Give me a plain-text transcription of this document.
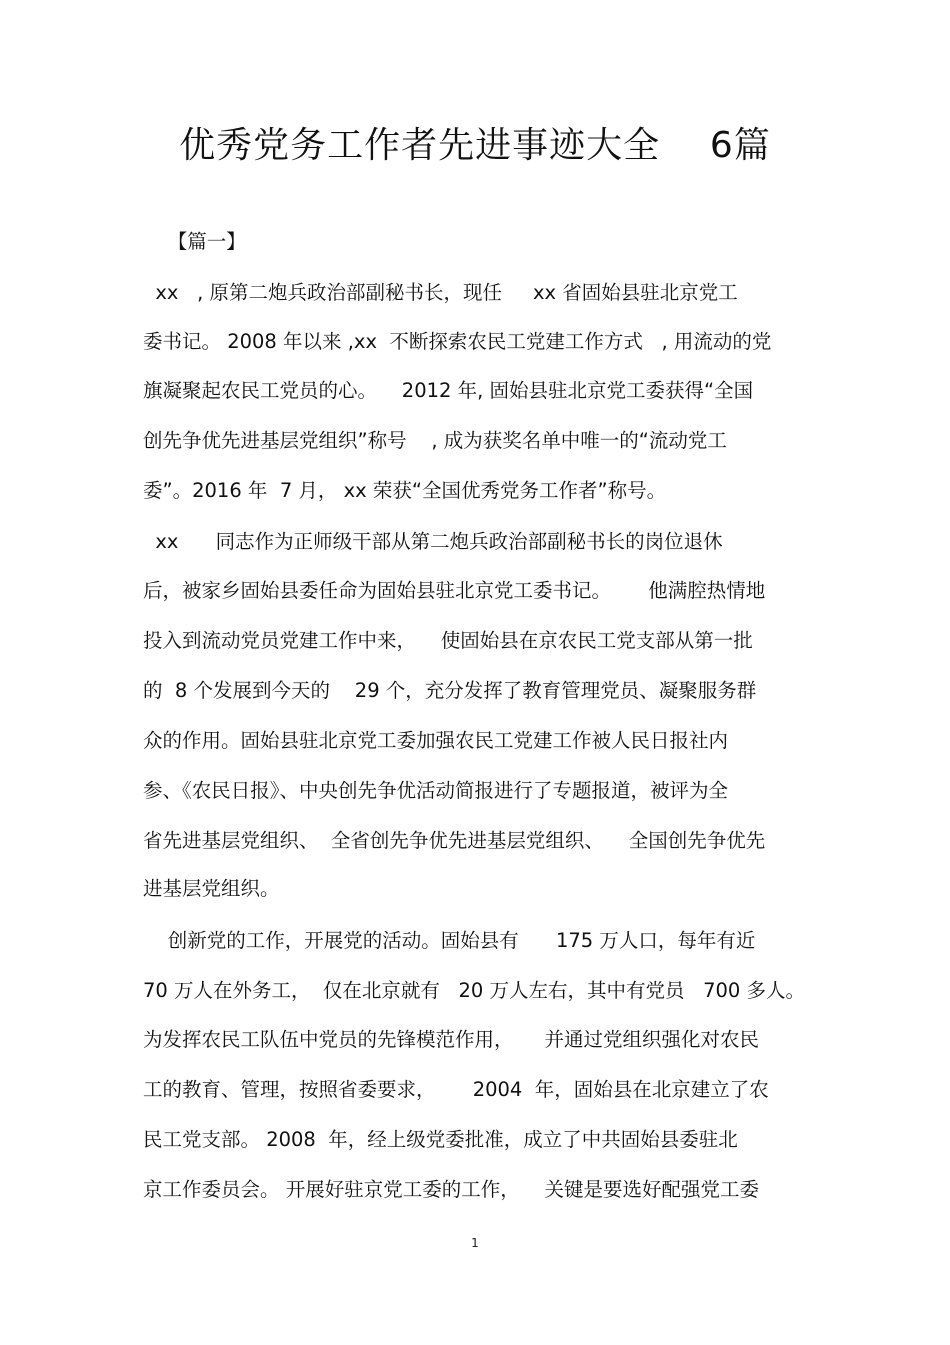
优秀党务工作者先进事迹大全    6篇
【篇一】
xx   , 原第二炮兵政治部副秘书长，现任     xx 省固始县驻北京党工
委书记。 2008 年以来 ,xx  不断探索农民工党建工作方式   , 用流动的党
旗凝聚起农民工党员的心。    2012 年, 固始县驻北京党工委获得“全国
创先争优先进基层党组织”称号    , 成为获奖名单中唯一的“流动党工
委”。2016 年  7 月， xx 荣获“全国优秀党务工作者”称号。
xx      同志作为正师级干部从第二炮兵政治部副秘书长的岗位退休
后，被家乡固始县委任命为固始县驻北京党工委书记。      他满腔热情地
投入到流动党员党建工作中来，    使固始县在京农民工党支部从第一批
的  8 个发展到今天的    29 个，充分发挥了教育管理党员、凝聚服务群
众的作用。固始县驻北京党工委加强农民工党建工作被人民日报社内
参、《农民日报》、中央创先争优活动简报进行了专题报道，被评为全
省先进基层党组织、  全省创先争优先进基层党组织、    全国创先争优先
进基层党组织。
创新党的工作，开展党的活动。固始县有      175 万人口，每年有近
70 万人在外务工，  仅在北京就有   20 万人左右，其中有党员   700 多人。
为发挥农民工队伍中党员的先锋模范作用，     并通过党组织强化对农民
工的教育、管理，按照省委要求，      2004  年，固始县在北京建立了农
民工党支部。 2008  年，经上级党委批准，成立了中共固始县委驻北
京工作委员会。 开展好驻京党工委的工作，    关键是要选好配强党工委
1
